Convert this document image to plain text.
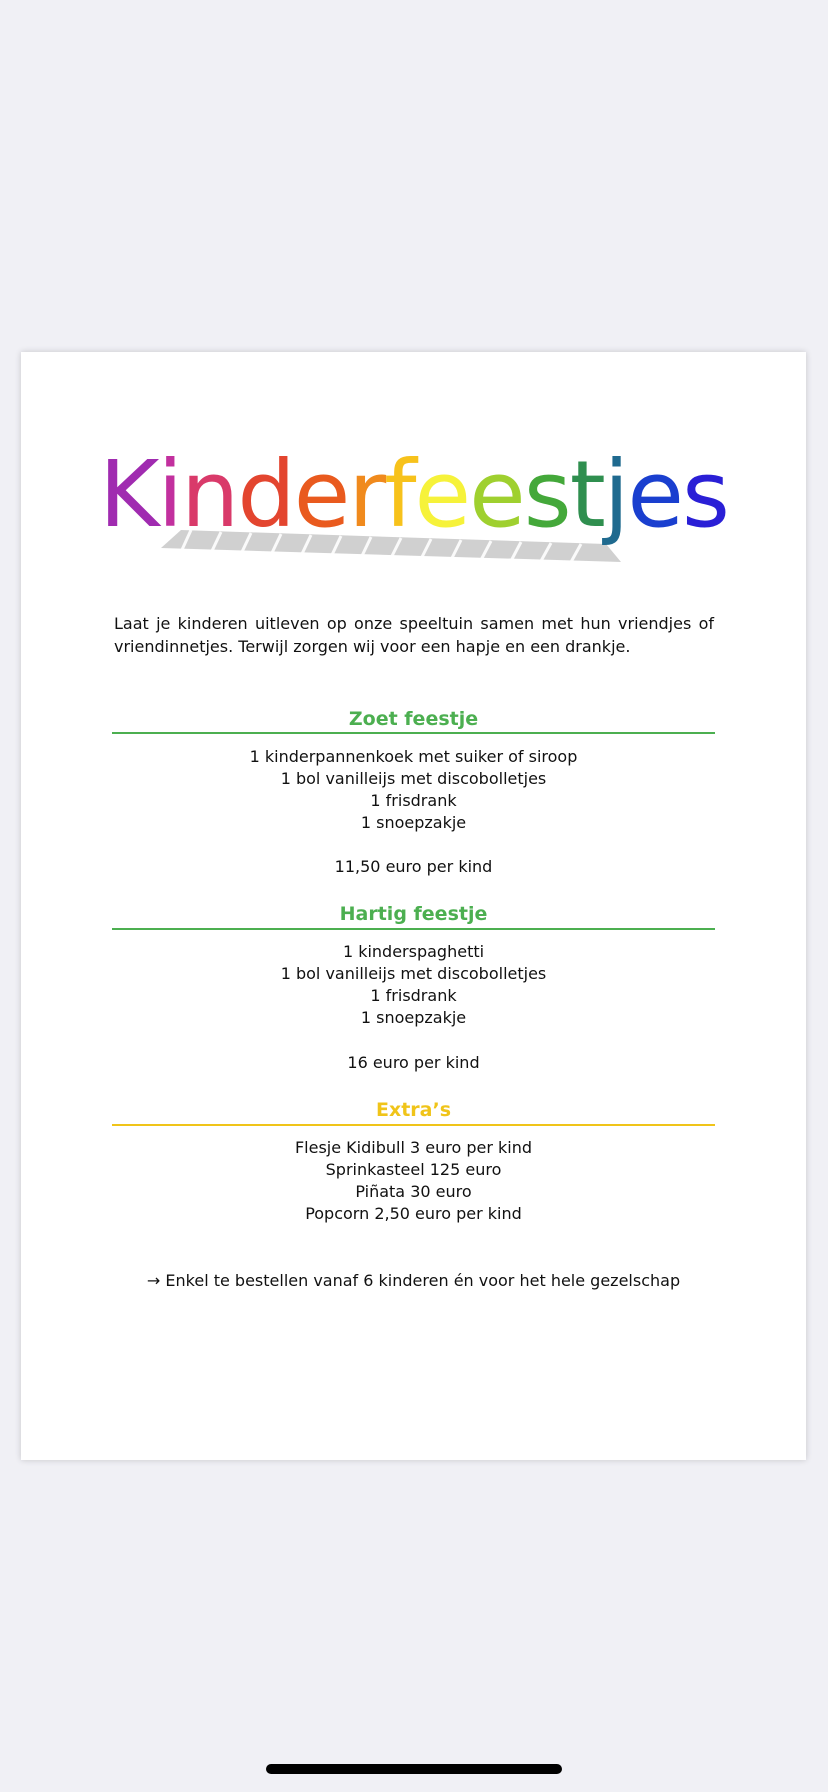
Kinderfeestjes

Laat je kinderen uitleven op onze speeltuin samen met hun vriendjes of vriendinnetjes. Terwijl zorgen wij voor een hapje en een drankje.

Zoet feestje
1 kinderpannenkoek met suiker of siroop
1 bol vanilleijs met discobolletjes
1 frisdrank
1 snoepzakje

11,50 euro per kind

Hartig feestje
1 kinderspaghetti
1 bol vanilleijs met discobolletjes
1 frisdrank
1 snoepzakje

16 euro per kind

Extra’s
Flesje Kidibull 3 euro per kind
Sprinkasteel 125 euro
Piñata 30 euro
Popcorn 2,50 euro per kind

→ Enkel te bestellen vanaf 6 kinderen én voor het hele gezelschap
